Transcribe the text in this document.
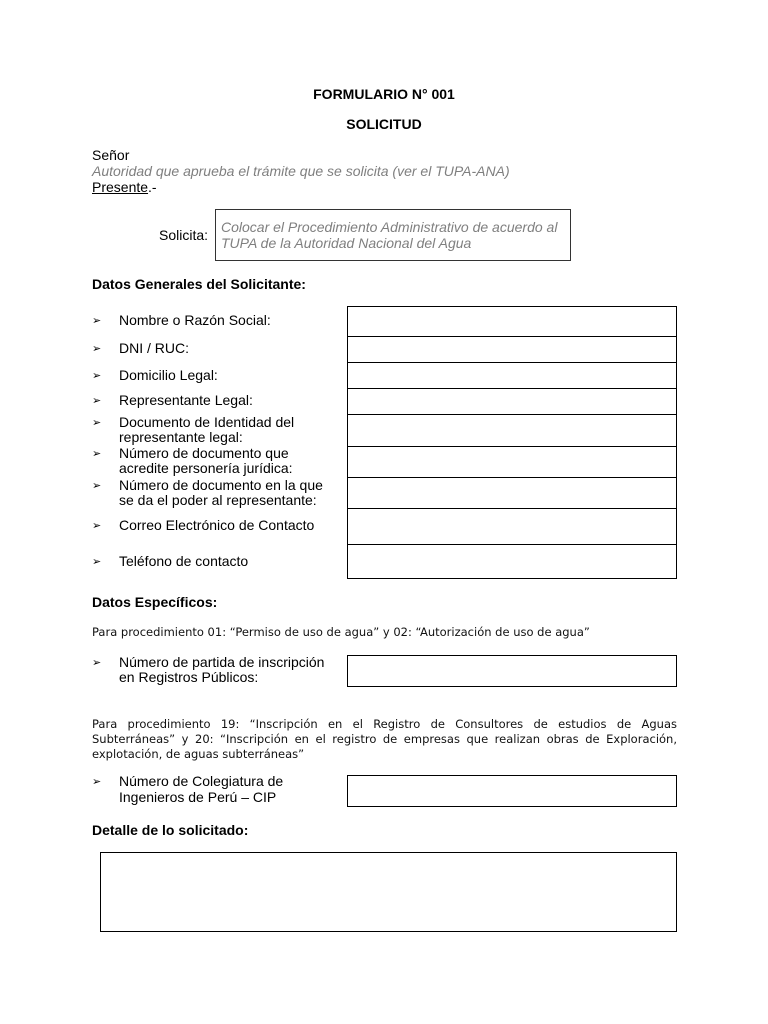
FORMULARIO N° 001
SOLICITUD
Señor
Autoridad que aprueba el trámite que se solicita (ver el TUPA-ANA)
Presente.-
Solicita: Colocar el Procedimiento Administrativo de acuerdo al
TUPA de la Autoridad Nacional del Agua
Datos Generales del Solicitante:
➢ Nombre o Razón Social:
➢ DNI / RUC:
➢ Domicilio Legal:
➢ Representante Legal:
➢ Documento de Identidad del
representante legal:
➢ Número de documento que
acredite personería jurídica:
➢ Número de documento en la que
se da el poder al representante:
➢ Correo Electrónico de Contacto
➢ Teléfono de contacto
Datos Específicos:
Para procedimiento 01: “Permiso de uso de agua” y 02: “Autorización de uso de agua”
➢ Número de partida de inscripción
en Registros Públicos:
Para procedimiento 19: “Inscripción en el Registro de Consultores de estudios de Aguas
Subterráneas” y 20: “Inscripción en el registro de empresas que realizan obras de Exploración,
explotación, de aguas subterráneas”
➢ Número de Colegiatura de
Ingenieros de Perú – CIP
Detalle de lo solicitado:
